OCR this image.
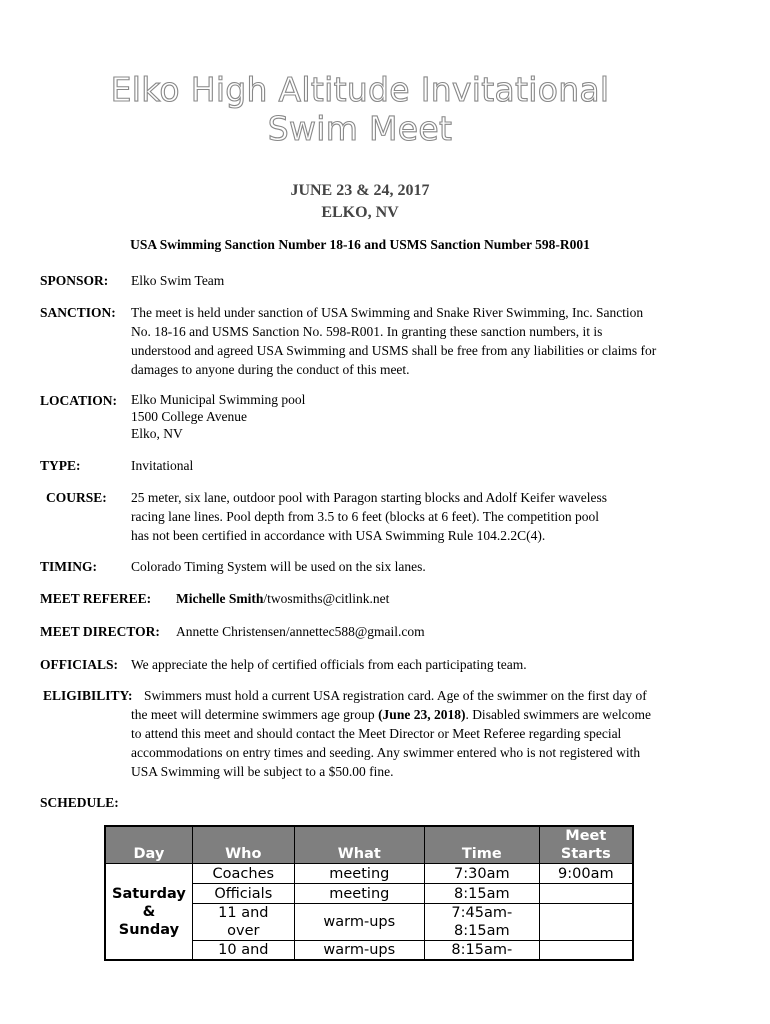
Elko High Altitude Invitational
Swim Meet
JUNE 23 & 24, 2017
ELKO, NV
USA Swimming Sanction Number 18-16 and USMS Sanction Number 598-R001
SPONSOR: Elko Swim Team
SANCTION: The meet is held under sanction of USA Swimming and Snake River Swimming, Inc. Sanction
No. 18-16 and USMS Sanction No. 598-R001. In granting these sanction numbers, it is
understood and agreed USA Swimming and USMS shall be free from any liabilities or claims for
damages to anyone during the conduct of this meet.
LOCATION: Elko Municipal Swimming pool
1500 College Avenue
Elko, NV
TYPE:	Invitational
COURSE: 25 meter, six lane, outdoor pool with Paragon starting blocks and Adolf Keifer waveless
racing lane lines. Pool depth from 3.5 to 6 feet (blocks at 6 feet). The competition pool
has not been certified in accordance with USA Swimming Rule 104.2.2C(4).
TIMING:	Colorado Timing System will be used on the six lanes.
MEET REFEREE: Michelle Smith/twosmiths@citlink.net
MEET DIRECTOR: Annette Christensen/annettec588@gmail.com
OFFICIALS: We appreciate the help of certified officials from each participating team.
ELIGIBILITY: Swimmers must hold a current USA registration card. Age of the swimmer on the first day of
the meet will determine swimmers age group (June 23, 2018). Disabled swimmers are welcome
to attend this meet and should contact the Meet Director or Meet Referee regarding special
accommodations on entry times and seeding. Any swimmer entered who is not registered with
USA Swimming will be subject to a $50.00 fine.
SCHEDULE:
Day	Who	What	Time	Meet Starts
Saturday & Sunday	Coaches	meeting	7:30am	9:00am
	Officials	meeting	8:15am	
	11 and over	warm-ups	7:45am-8:15am	
	10 and	warm-ups	8:15am-	
